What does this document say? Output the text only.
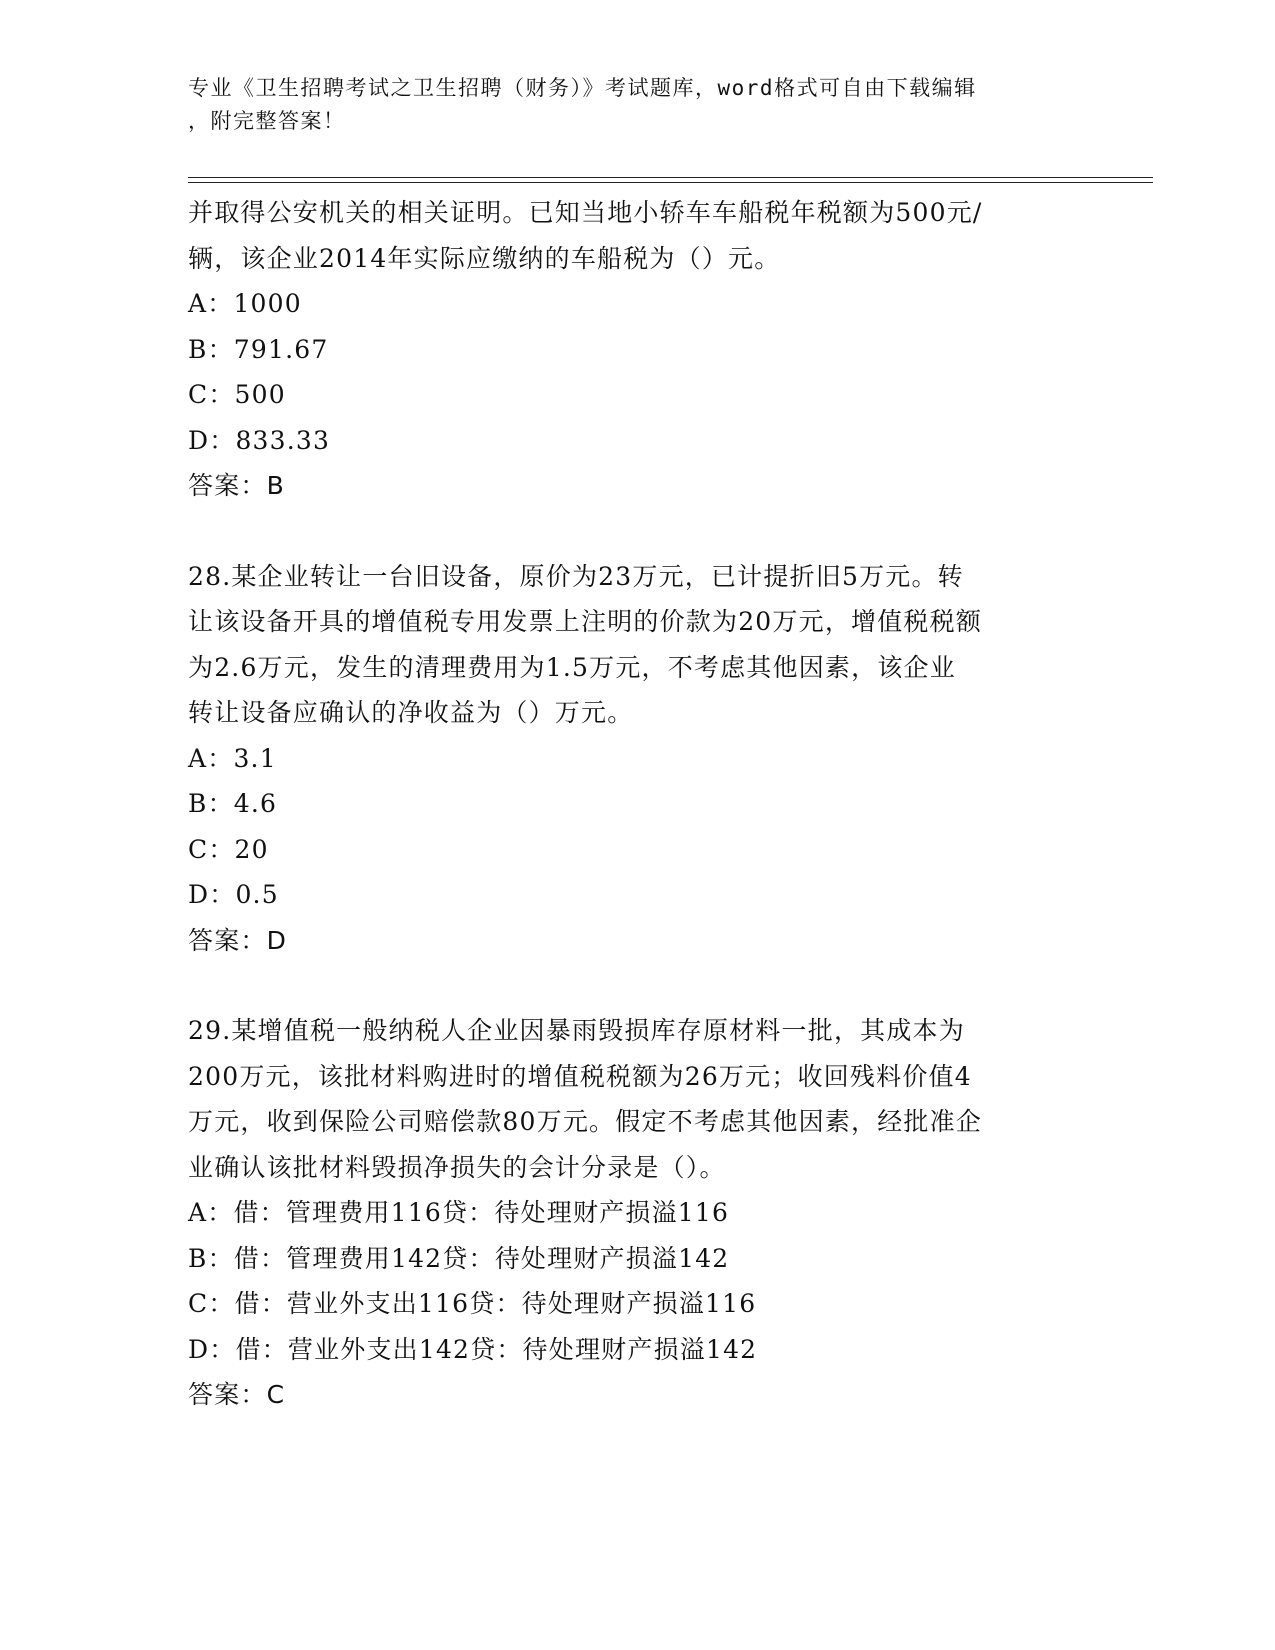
专业《卫生招聘考试之卫生招聘（财务）》考试题库，word格式可自由下载编辑
，附完整答案！
并取得公安机关的相关证明。已知当地小轿车车船税年税额为500元/
辆，该企业2014年实际应缴纳的车船税为（）元。
A：1000
B：791.67
C：500
D：833.33
答案：B
28.某企业转让一台旧设备，原价为23万元，已计提折旧5万元。转
让该设备开具的增值税专用发票上注明的价款为20万元，增值税税额
为2.6万元，发生的清理费用为1.5万元，不考虑其他因素，该企业
转让设备应确认的净收益为（）万元。
A：3.1
B：4.6
C：20
D：0.5
答案：D
29.某增值税一般纳税人企业因暴雨毁损库存原材料一批，其成本为
200万元，该批材料购进时的增值税税额为26万元；收回残料价值4
万元，收到保险公司赔偿款80万元。假定不考虑其他因素，经批准企
业确认该批材料毁损净损失的会计分录是（）。
A：借：管理费用116贷：待处理财产损溢116
B：借：管理费用142贷：待处理财产损溢142
C：借：营业外支出116贷：待处理财产损溢116
D：借：营业外支出142贷：待处理财产损溢142
答案：C
